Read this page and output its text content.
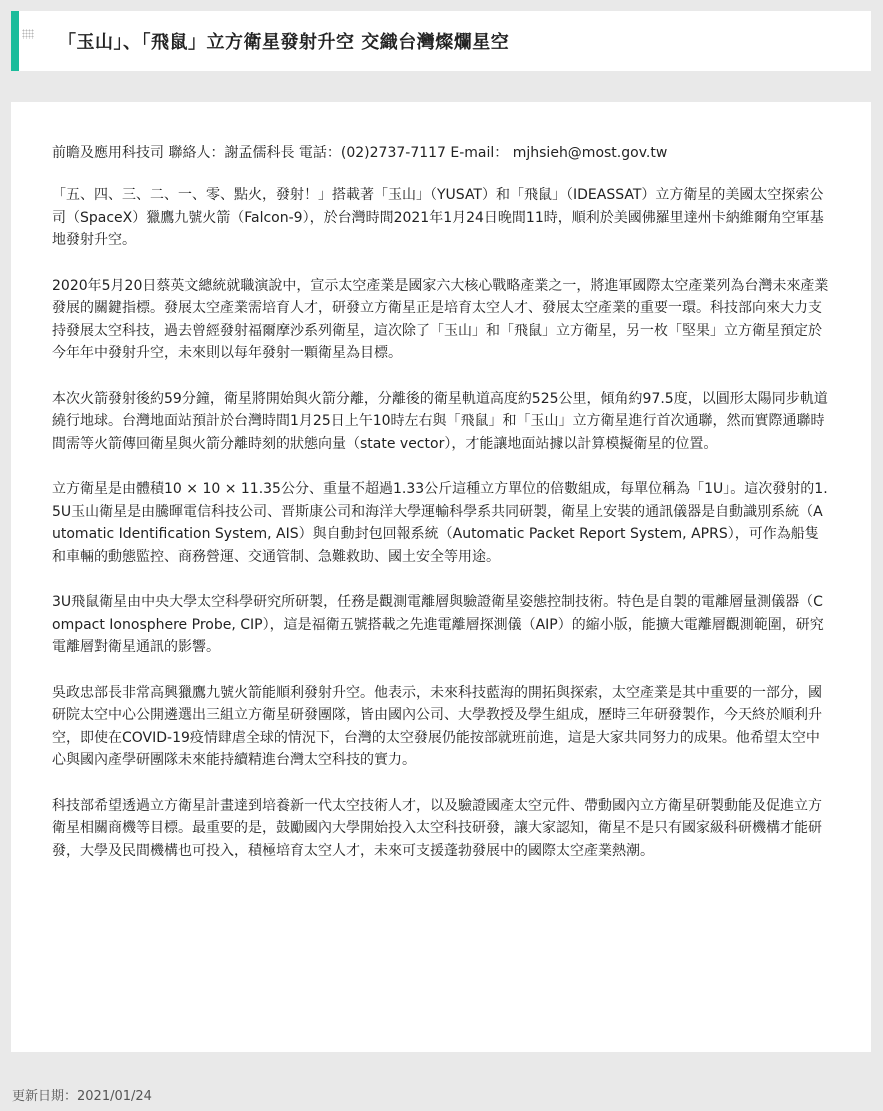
「玉山」、「飛鼠」立方衛星發射升空 交織台灣燦爛星空

前瞻及應用科技司 聯絡人：謝孟儒科長 電話：(02)2737-7117 E-mail： mjhsieh@most.gov.tw

「五、四、三、二、一、零、點火，發射！」搭載著「玉山」（YUSAT）和「飛鼠」（IDEASSAT）立方衛星的美國太空探索公司（SpaceX）獵鷹九號火箭（Falcon-9），於台灣時間2021年1月24日晚間11時，順利於美國佛羅里達州卡納維爾角空軍基地發射升空。

2020年5月20日蔡英文總統就職演說中，宣示太空產業是國家六大核心戰略產業之一，將進軍國際太空產業列為台灣未來產業發展的關鍵指標。發展太空產業需培育人才，研發立方衛星正是培育太空人才、發展太空產業的重要一環。科技部向來大力支持發展太空科技，過去曾經發射福爾摩沙系列衛星，這次除了「玉山」和「飛鼠」立方衛星，另一枚「堅果」立方衛星預定於今年年中發射升空，未來則以每年發射一顆衛星為目標。

本次火箭發射後約59分鐘，衛星將開始與火箭分離，分離後的衛星軌道高度約525公里，傾角約97.5度，以圓形太陽同步軌道繞行地球。台灣地面站預計於台灣時間1月25日上午10時左右與「飛鼠」和「玉山」立方衛星進行首次通聯，然而實際通聯時間需等火箭傳回衛星與火箭分離時刻的狀態向量（state vector），才能讓地面站據以計算模擬衛星的位置。

立方衛星是由體積10 × 10 × 11.35公分、重量不超過1.33公斤這種立方單位的倍數組成，每單位稱為「1U」。這次發射的1.5U玉山衛星是由騰暉電信科技公司、晋斯康公司和海洋大學運輸科學系共同研製，衛星上安裝的通訊儀器是自動識別系統（Automatic Identification System, AIS）與自動封包回報系統（Automatic Packet Report System, APRS），可作為船隻和車輛的動態監控、商務營運、交通管制、急難救助、國土安全等用途。

3U飛鼠衛星由中央大學太空科學研究所研製，任務是觀測電離層與驗證衛星姿態控制技術。特色是自製的電離層量測儀器（Compact Ionosphere Probe, CIP），這是福衛五號搭載之先進電離層探測儀（AIP）的縮小版，能擴大電離層觀測範圍，研究電離層對衛星通訊的影響。

吳政忠部長非常高興獵鷹九號火箭能順利發射升空。他表示，未來科技藍海的開拓與探索，太空產業是其中重要的一部分，國研院太空中心公開遴選出三組立方衛星研發團隊，皆由國內公司、大學教授及學生組成，歷時三年研發製作，今天終於順利升空，即使在COVID-19疫情肆虐全球的情況下，台灣的太空發展仍能按部就班前進，這是大家共同努力的成果。他希望太空中心與國內產學研團隊未來能持續精進台灣太空科技的實力。

科技部希望透過立方衛星計畫達到培養新一代太空技術人才，以及驗證國產太空元件、帶動國內立方衛星研製動能及促進立方衛星相關商機等目標。最重要的是，鼓勵國內大學開始投入太空科技研發，讓大家認知，衛星不是只有國家級科研機構才能研發，大學及民間機構也可投入，積極培育太空人才，未來可支援蓬勃發展中的國際太空產業熱潮。

更新日期：2021/01/24
